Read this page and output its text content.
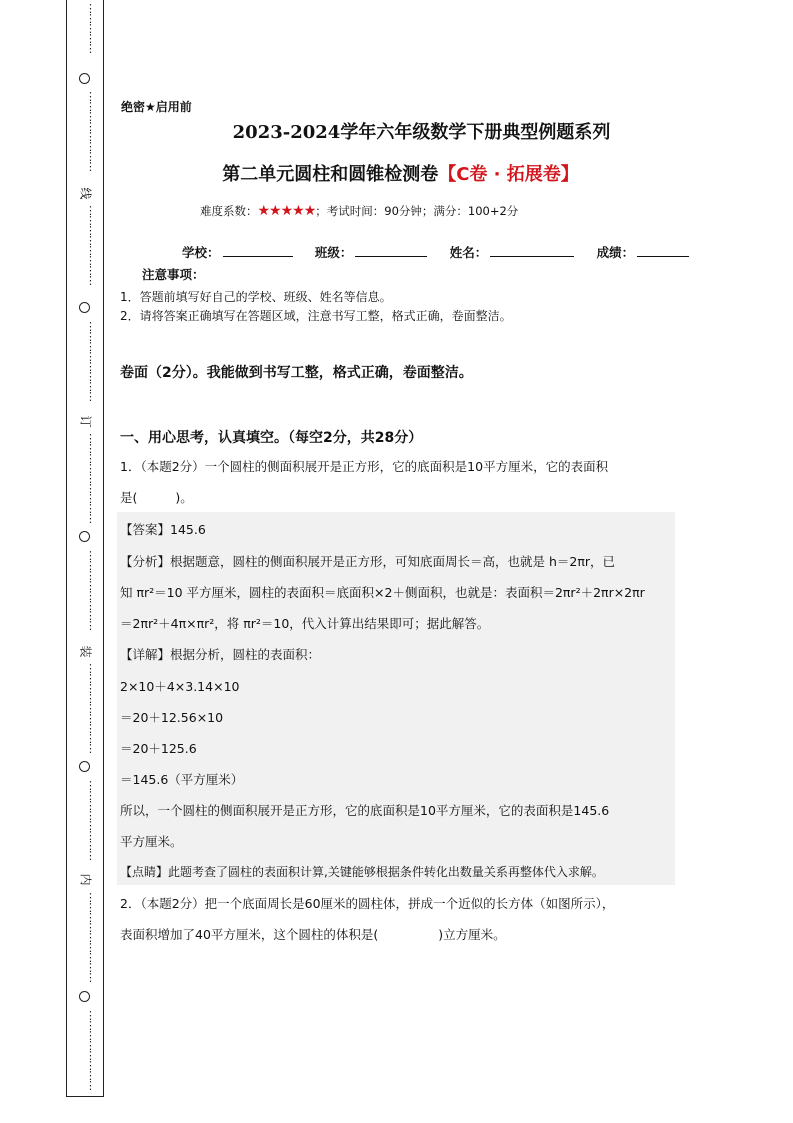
⋮
⋮
⋮
⋮
⋮
⋮
⋮
⋮
⋮
⋮
⋮
⋮
⋮
线
⋮
⋮
⋮
⋮
⋮
⋮
⋮
⋮
⋮
⋮
⋮
⋮
⋮
⋮
⋮
⋮
订
⋮
⋮
⋮
⋮
⋮
⋮
⋮
⋮
⋮
⋮
⋮
⋮
⋮
⋮
⋮
⋮
⋮
装
⋮
⋮
⋮
⋮
⋮
⋮
⋮
⋮
⋮
⋮
⋮
⋮
⋮
⋮
⋮
⋮
⋮
内
⋮
⋮
⋮
⋮
⋮
⋮
⋮
⋮
⋮
⋮
⋮
⋮
⋮
⋮
⋮
⋮
⋮
绝密★启用前
2023-2024学年六年级数学下册典型例题系列
第二单元圆柱和圆锥检测卷【C卷 · 拓展卷】
难度系数：★★★★★；考试时间：90分钟；满分：100+2分
学校：	班级：	姓名：	成绩：
注意事项：
1．答题前填写好自己的学校、班级、姓名等信息。
2．请将答案正确填写在答题区域，注意书写工整，格式正确，卷面整洁。
卷面（2分）。我能做到书写工整，格式正确，卷面整洁。
一、用心思考，认真填空。（每空2分，共28分）
1．（本题2分）一个圆柱的侧面积展开是正方形，它的底面积是10平方厘米，它的表面积
是(	)。
【答案】145.6
【分析】根据题意，圆柱的侧面积展开是正方形，可知底面周长＝高，也就是 h＝2πr，已
知 πr²＝10 平方厘米，圆柱的表面积＝底面积×2＋侧面积，也就是：表面积＝2πr²＋2πr×2πr
＝2πr²＋4π×πr²，将 πr²＝10，代入计算出结果即可；据此解答。
【详解】根据分析，圆柱的表面积：
2×10＋4×3.14×10
＝20＋12.56×10
＝20＋125.6
＝145.6（平方厘米）
所以，一个圆柱的侧面积展开是正方形，它的底面积是10平方厘米，它的表面积是145.6
平方厘米。
【点睛】此题考查了圆柱的表面积计算,关键能够根据条件转化出数量关系再整体代入求解。
2．（本题2分）把一个底面周长是60厘米的圆柱体，拼成一个近似的长方体（如图所示），
表面积增加了40平方厘米，这个圆柱的体积是(	)立方厘米。
